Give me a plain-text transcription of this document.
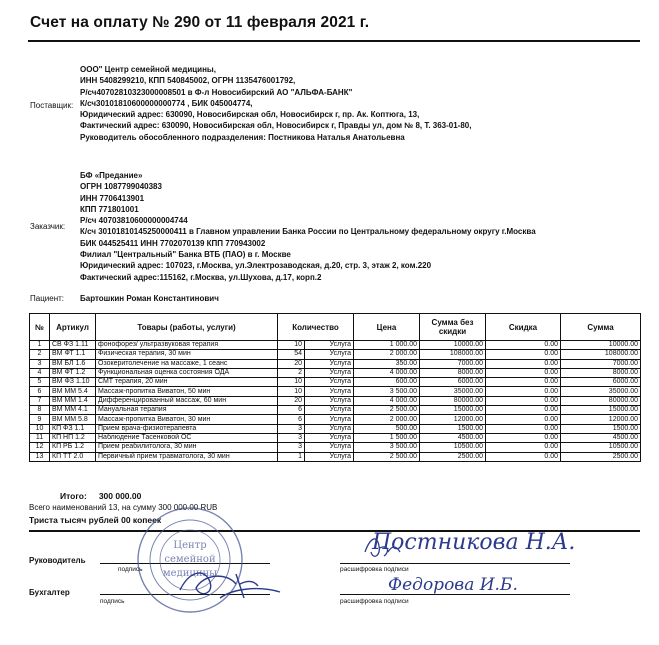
Счет на оплату № 290 от 11 февраля 2021 г.
Поставщик:
ООО" Центр семейной медицины,
ИНН 5408299210, КПП 540845002, ОГРН 1135476001792,
Р/сч40702810323000008501 в Ф-л Новосибирский АО "АЛЬФА-БАНК"
К/сч30101810600000000774 , БИК 045004774,
Юридический адрес: 630090, Новосибирская обл, Новосибирск г, пр. Ак. Коптюга, 13,
Фактический адрес: 630090, Новосибирская обл, Новосибирск г, Правды ул, дом № 8, Т. 363-01-80,
Руководитель обособленного подразделения: Постникова Наталья Анатольевна
Заказчик:
БФ «Предание»
ОГРН 1087799040383
ИНН 7706413901
КПП 771801001
Р/сч 40703810600000004744
К/сч 30101810145250000411 в Главном управлении Банка России по Центральному федеральному округу г.Москва
БИК 044525411 ИНН 7702070139 КПП 770943002
Филиал "Центральный" Банка ВТБ (ПАО) в г. Москве
Юридический адрес: 107023, г.Москва, ул.Электрозаводская, д.20, стр. 3, этаж 2, ком.220
Фактический адрес:115162, г.Москва, ул.Шухова, д.17, корп.2
Пациент: Бартошкин Роман Константинович
№	Артикул	Товары (работы, услуги)	Количество		Цена	Сумма без скидки	Скидка	Сумма
1	СВ ФЗ 1.11	фонофорез/ ультразвуковая терапия	10	Услуга	1 000.00	10000.00	0.00	10000.00
2	ВМ ФТ 1.1	Физическая терапия, 30 мин	54	Услуга	2 000.00	108000.00	0.00	108000.00
3	ВМ БЛ 1.6	Озокеритолечение на массаже, 1 сеанс	20	Услуга	350.00	7000.00	0.00	7000.00
4	ВМ ФТ 1.2	Функциональная оценка состояния ОДА	2	Услуга	4 000.00	8000.00	0.00	8000.00
5	ВМ ФЗ 1.10	СМТ терапия, 20 мин	10	Услуга	600.00	6000.00	0.00	6000.00
6	ВМ ММ 5.4	Массаж-пропитка Виватон, 50 мин	10	Услуга	3 500.00	35000.00	0.00	35000.00
7	ВМ ММ 1.4	Дифференцированный массаж, 60 мин	20	Услуга	4 000.00	80000.00	0.00	80000.00
8	ВМ ММ 4.1	Мануальная терапия	6	Услуга	2 500.00	15000.00	0.00	15000.00
9	ВМ ММ 5.8	Массаж-пропитка Виватон, 30 мин	6	Услуга	2 000.00	12000.00	0.00	12000.00
10	КП ФЗ 1.1	Прием врача-физиотерапевта	3	Услуга	500.00	1500.00	0.00	1500.00
11	КП НП 1.2	Наблюдение Тасенковой ОС	3	Услуга	1 500.00	4500.00	0.00	4500.00
12	КП РБ 1.2	Прием реабилитолога, 30 мин	3	Услуга	3 500.00	10500.00	0.00	10500.00
13	КП ТТ 2.0	Первичный прием травматолога, 30 мин	1	Услуга	2 500.00	2500.00	0.00	2500.00
Итого: 300 000.00
Всего наименований 13, на сумму 300 000.00 RUB
Триста тысяч рублей 00 копеек
Руководитель
подпись	расшифровка подписи
Бухгалтер
подпись	расшифровка подписи
Центр
семейной
медицины
Постникова Н.А.
Федорова И.Б.
